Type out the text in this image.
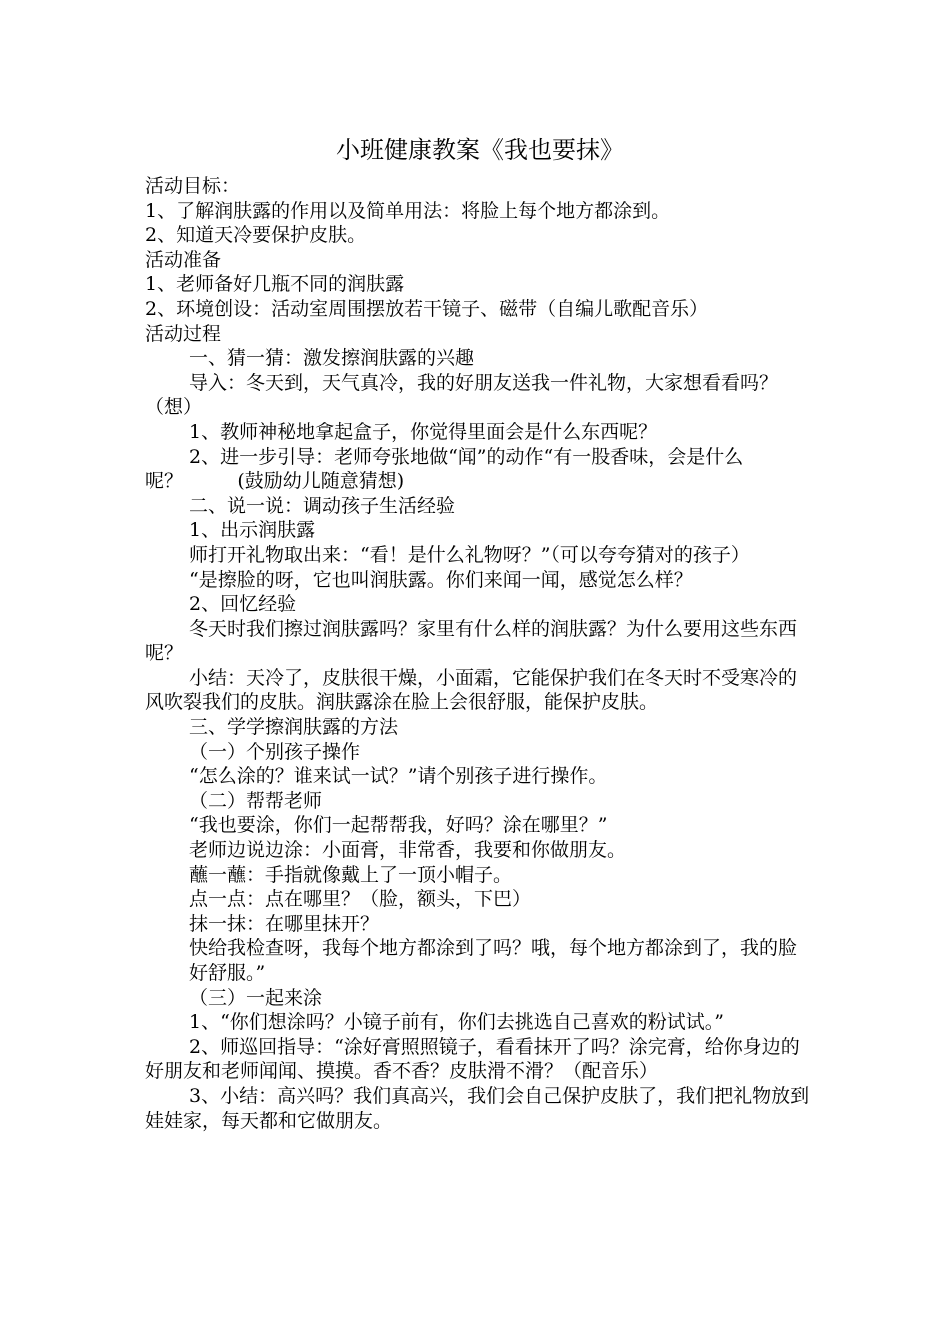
小班健康教案《我也要抹》

活动目标：

1、了解润肤露的作用以及简单用法：将脸上每个地方都涂到。

2、知道天冷要保护皮肤。

活动准备

1、老师备好几瓶不同的润肤露

2、环境创设：活动室周围摆放若干镜子、磁带（自编儿歌配音乐）

活动过程

一、猜一猜：激发擦润肤露的兴趣

导入：冬天到，天气真冷，我的好朋友送我一件礼物，大家想看看吗？（想）

1、教师神秘地拿起盒子，你觉得里面会是什么东西呢？

2、进一步引导：老师夸张地做“闻”的动作“有一股香味，会是什么呢？         (鼓励幼儿随意猜想)

二、说一说：调动孩子生活经验

1、出示润肤露

师打开礼物取出来：“看！是什么礼物呀？”（可以夸夸猜对的孩子）

“是擦脸的呀，它也叫润肤露。你们来闻一闻，感觉怎么样？

2、回忆经验

冬天时我们擦过润肤露吗？家里有什么样的润肤露？为什么要用这些东西呢？

小结：天冷了，皮肤很干燥，小面霜，它能保护我们在冬天时不受寒冷的风吹裂我们的皮肤。润肤露涂在脸上会很舒服，能保护皮肤。

三、学学擦润肤露的方法

（一）个别孩子操作

“怎么涂的？谁来试一试？”请个别孩子进行操作。

（二）帮帮老师

“我也要涂，你们一起帮帮我，好吗？涂在哪里？”

老师边说边涂：小面膏，非常香，我要和你做朋友。

蘸一蘸：手指就像戴上了一顶小帽子。

点一点：点在哪里？（脸，额头，下巴）

抹一抹：在哪里抹开？

快给我检查呀，我每个地方都涂到了吗？哦，每个地方都涂到了，我的脸好舒服。”

（三）一起来涂

1、“你们想涂吗？小镜子前有，你们去挑选自己喜欢的粉试试。”

2、师巡回指导：“涂好膏照照镜子，看看抹开了吗？涂完膏，给你身边的好朋友和老师闻闻、摸摸。香不香？皮肤滑不滑？（配音乐）

3、小结：高兴吗？我们真高兴，我们会自己保护皮肤了，我们把礼物放到娃娃家，每天都和它做朋友。
